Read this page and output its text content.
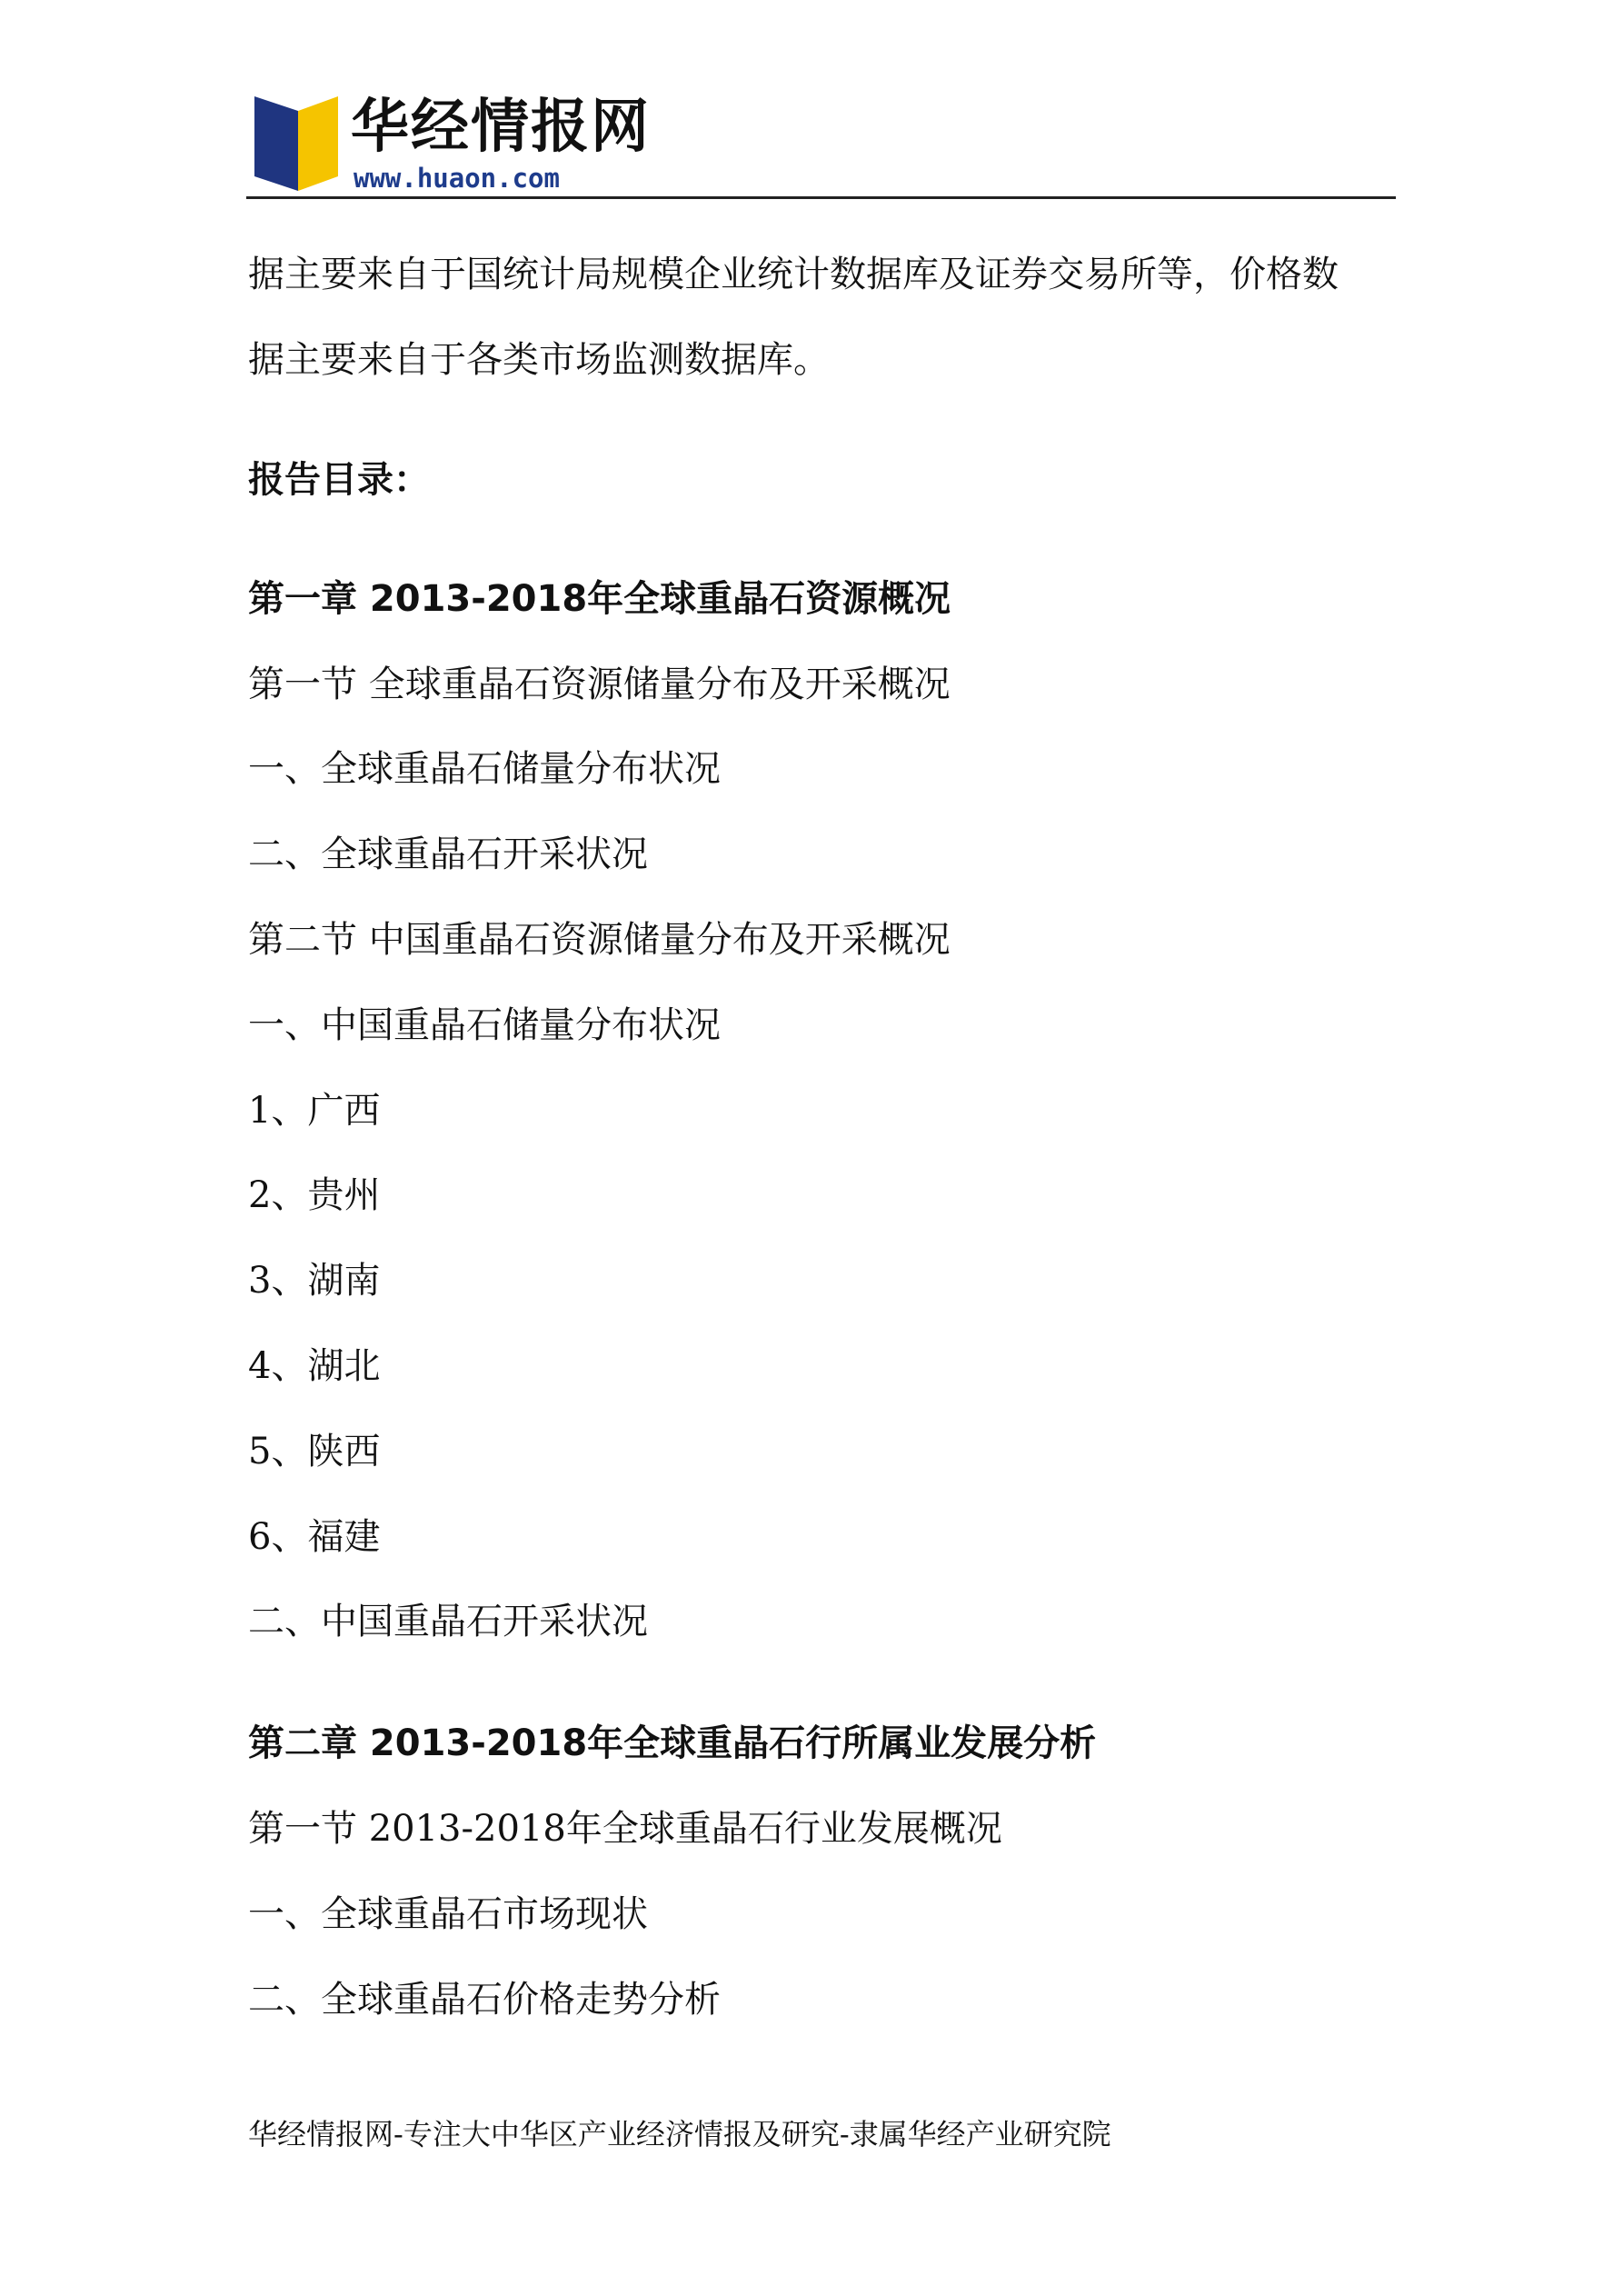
华经情报网
www.huaon.com
据主要来自于国统计局规模企业统计数据库及证券交易所等，价格数
据主要来自于各类市场监测数据库。
报告目录：
第一章 2013-2018年全球重晶石资源概况
第一节 全球重晶石资源储量分布及开采概况
一、全球重晶石储量分布状况
二、全球重晶石开采状况
第二节 中国重晶石资源储量分布及开采概况
一、中国重晶石储量分布状况
1、广西
2、贵州
3、湖南
4、湖北
5、陕西
6、福建
二、中国重晶石开采状况
第二章 2013-2018年全球重晶石行所属业发展分析
第一节 2013-2018年全球重晶石行业发展概况
一、全球重晶石市场现状
二、全球重晶石价格走势分析
华经情报网-专注大中华区产业经济情报及研究-隶属华经产业研究院
